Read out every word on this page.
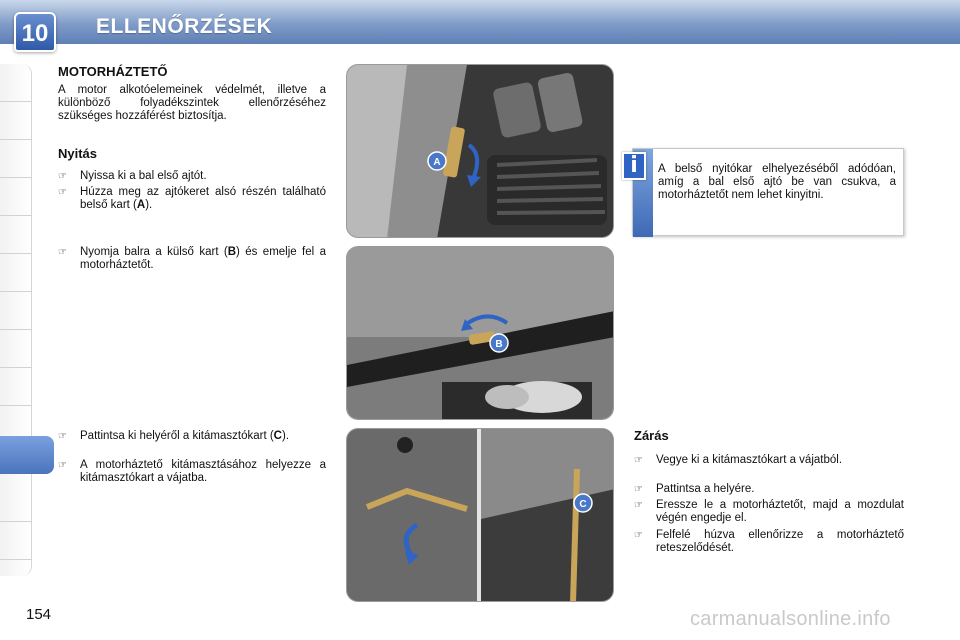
ELLENŐRZÉSEK
10
MOTORHÁZTETŐ
A motor alkotóelemeinek védelmét, illetve a különböző folyadékszintek ellenőrzéséhez szükséges hozzáférést biztosítja.
Nyitás
☞	Nyissa ki a bal első ajtót.
☞	Húzza meg az ajtókeret alsó részén található belső kart (A).
☞	Nyomja balra a külső kart (B) és emelje fel a motorháztetőt.
☞	Pattintsa ki helyéről a kitámasztókart (C).
☞	A motorháztető kitámasztásához helyezze a kitámasztókart a vájatba.
A	i	A belső nyitókar elhelyezéséből adódóan, amíg a bal első ajtó be van csukva, a motorháztetőt nem lehet kinyitni.
B
C
Zárás
☞	Vegye ki a kitámasztókart a vájatból.
☞	Pattintsa a helyére.
☞	Eressze le a motorháztetőt, majd a mozdulat végén engedje el.
☞	Felfelé húzva ellenőrizze a motorháztető reteszelődését.
154	carmanualsonline.info
